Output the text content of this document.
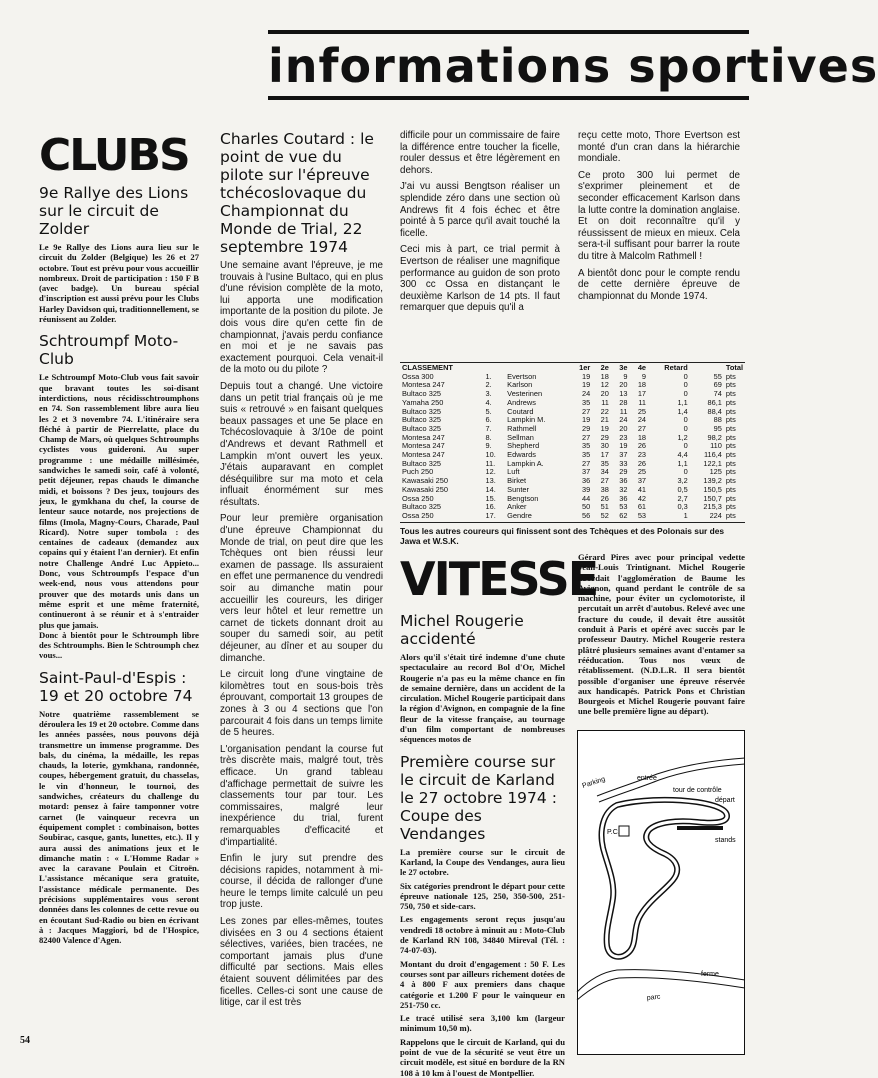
informations sportives
CLUBS
9e Rallye des Lions sur le circuit de Zolder

Le 9e Rallye des Lions aura lieu sur le circuit du Zolder (Belgique) les 26 et 27 octobre. Tout est prévu pour vous accueillir nombreux. Droit de participation : 150 F B (avec badge). Un bureau spécial d'inscription est aussi prévu pour les Clubs Harley Davidson qui, traditionnellement, se réunissent au Zolder.

Schtroumpf Moto-Club

Le Schtroumpf Moto-Club vous fait savoir que bravant toutes les soi-disant interdictions, nous récidisschtroumphons en 74. Son rassemblement libre aura lieu les 2 et 3 novembre 74. L'itinéraire sera fléché à partir de Pierrelatte, place du Champ de Mars, où quelques Schtroumphs cyclistes vous guideroni. Au super programme : une médaille millésimée, sandwiches le samedi soir, café à volonté, petit déjeuner, repas chauds le dimanche midi, et boissons ? Des jeux, toujours des jeux, le gymkhana du chef, la course de lenteur sauce notarde, nos projections de films (Imola, Magny-Cours, Charade, Paul Ricard). Notre super tombola : des centaines de cadeaux (demandez aux copains qui y étaient l'an dernier). Et enfin notre Challenge André Luc Appieto... Donc, vous Schtroumpfs l'espace d'un week-end, nous vous attendons pour prouver que des motards unis dans un même esprit et une même fraternité, continueront à se réunir et à s'entraider plus que jamais.

Donc à bientôt pour le Schtroumph libre des Schtroumphs. Bien le Schtroumph chez vous...

Saint-Paul-d'Espis : 19 et 20 octobre 74

Notre quatrième rassemblement se déroulera les 19 et 20 octobre. Comme dans les années passées, nous pouvons déjà transmettre un immense programme. Des bals, du cinéma, la médaille, les repas chauds, la loterie, gymkhana, randonnée, coupes, hébergement gratuit, du chasselas, le vin d'honneur, le tournoi, des sandwiches, créateurs du challenge du motard: pensez à faire tamponner votre carnet (le vainqueur recevra un équipement complet : combinaison, bottes Soubirac, casque, gants, lunettes, etc.). Il y aura aussi des animations jeux et le dimanche matin : « L'Homme Radar » avec la caravane Poulain et Citroën. L'assistance mécanique sera gratuite, l'assistance médicale permanente. Des précisions supplémentaires vous seront données dans les colonnes de cette revue ou en écoutant Sud-Radio ou bien en écrivant à : Jacques Maggiori, bd de l'Hospice, 82400 Valence d'Agen.

Charles Coutard : le point de vue du pilote sur l'épreuve tchécoslovaque du Championnat du Monde de Trial, 22 septembre 1974

Une semaine avant l'épreuve, je me trouvais à l'usine Bultaco, qui en plus d'une révision complète de la moto, lui apporta une modification importante de la position du pilote. Je dois vous dire qu'en cette fin de championnat, j'avais perdu confiance en moi et je ne savais pas exactement pourquoi. Cela venait-il de la moto ou du pilote ?

Depuis tout a changé. Une victoire dans un petit trial français où je me suis « retrouvé » en faisant quelques beaux passages et une 5e place en Tchécoslovaquie à 3/10e de point d'Andrews et devant Rathmell et Lampkin m'ont ouvert les yeux. J'étais auparavant en complet déséquilibre sur ma moto et cela influait énormément sur mes résultats.

Pour leur première organisation d'une épreuve Championnat du Monde de trial, on peut dire que les Tchèques ont bien réussi leur examen de passage. Ils assuraient en effet une permanence du vendredi soir au dimanche matin pour accueillir les coureurs, les diriger vers leur hôtel et leur remettre un carnet de tickets donnant droit au souper du samedi soir, au petit déjeuner, au dîner et au souper du dimanche.

Le circuit long d'une vingtaine de kilomètres tout en sous-bois très éprouvant, comportait 13 groupes de zones à 3 ou 4 sections que l'on parcourait 4 fois dans un temps limite de 5 heures.

L'organisation pendant la course fut très discrète mais, malgré tout, très efficace. Un grand tableau d'affichage permettait de suivre les classements tour par tour. Les commissaires, malgré leur inexpérience du trial, furent remarquables d'efficacité et d'impartialité.

Enfin le jury sut prendre des décisions rapides, notamment à mi-course, il décida de rallonger d'une heure le temps limite calculé un peu trop juste.

Les zones par elles-mêmes, toutes divisées en 3 ou 4 sections étaient sélectives, variées, bien tracées, ne comportant jamais plus d'une difficulté par sections. Mais elles étaient souvent délimitées par des ficelles. Celles-ci sont une cause de litige, car il est très

difficile pour un commissaire de faire la différence entre toucher la ficelle, rouler dessus et être légèrement en dehors.

J'ai vu aussi Bengtson réaliser un splendide zéro dans une section où Andrews fit 4 fois échec et être pointé à 5 parce qu'il avait touché la ficelle.

Ceci mis à part, ce trial permit à Evertson de réaliser une magnifique performance au guidon de son proto 300 cc Ossa en distançant le deuxième Karlson de 14 pts. Il faut remarquer que depuis qu'il a

reçu cette moto, Thore Evertson est monté d'un cran dans la hiérarchie mondiale.

Ce proto 300 lui permet de s'exprimer pleinement et de seconder efficacement Karlson dans la lutte contre la domination anglaise. Et on doit reconnaître qu'il y réussissent de mieux en mieux. Cela sera-t-il suffisant pour barrer la route du titre à Malcolm Rathmell !

A bientôt donc pour le compte rendu de cette dernière épreuve de championnat du Monde 1974.

CLASSEMENT			1er	2e	3e	4e	Retard	Total	
Ossa 300	1.	Evertson	19	18	9	9	0	55	pts
Montesa 247	2.	Karlson	19	12	20	18	0	69	pts
Bultaco 325	3.	Vesterinen	24	20	13	17	0	74	pts
Yamaha 250	4.	Andrews	35	11	28	11	1,1	86,1	pts
Bultaco 325	5.	Coutard	27	22	11	25	1,4	88,4	pts
Bultaco 325	6.	Lampkin M.	19	21	24	24	0	88	pts
Bultaco 325	7.	Rathmell	29	19	20	27	0	95	pts
Montesa 247	8.	Sellman	27	29	23	18	1,2	98,2	pts
Montesa 247	9.	Shepherd	35	30	19	26	0	110	pts
Montesa 247	10.	Edwards	35	17	37	23	4,4	116,4	pts
Bultaco 325	11.	Lampkin A.	27	35	33	26	1,1	122,1	pts
Puch 250	12.	Luft	37	34	29	25	0	125	pts
Kawasaki 250	13.	Birket	36	27	36	37	3,2	139,2	pts
Kawasaki 250	14.	Sunter	39	38	32	41	0,5	150,5	pts
Ossa 250	15.	Bengtson	44	26	36	42	2,7	150,7	pts
Bultaco 325	16.	Anker	50	51	53	61	0,3	215,3	pts
Ossa 250	17.	Gendre	56	52	62	53	1	224	pts
Tous les autres coureurs qui finissent sont des Tchèques et des Polonais sur des Jawa et W.S.K.
VITESSE
Michel Rougerie accidenté

Alors qu'il s'était tiré indemne d'une chute spectaculaire au record Bol d'Or, Michel Rougerie n'a pas eu la même chance en fin de semaine dernière, dans un accident de la circulation. Michel Rougerie participait dans la région d'Avignon, en compagnie de la fine fleur de la vitesse française, au tournage d'un film comportant de nombreuses séquences motos de

Première course sur le circuit de Karland le 27 octobre 1974 : Coupe des Vendanges

La première course sur le circuit de Karland, la Coupe des Vendanges, aura lieu le 27 octobre.

Six catégories prendront le départ pour cette épreuve nationale 125, 250, 350-500, 251-750, 750 et side-cars.

Les engagements seront reçus jusqu'au vendredi 18 octobre à minuit au : Moto-Club de Karland RN 108, 34840 Mireval (Tél. : 74-07-03).

Montant du droit d'engagement : 50 F. Les courses sont par ailleurs richement dotées de 4 à 800 F aux premiers dans chaque catégorie et 1.200 F pour le vainqueur en 251-750 cc.

Le tracé utilisé sera 3,100 km (largeur minimum 10,50 m).

Rappelons que le circuit de Karland, qui du point de vue de la sécurité se veut être un circuit modèle, est situé en bordure de la RN 108 à 10 km à l'ouest de Montpellier.

Gérard Pires avec pour principal vedette Jean-Louis Trintignant. Michel Rougerie abordait l'agglomération de Baume les Avignon, quand perdant le contrôle de sa machine, pour éviter un cyclomotoriste, il percutait un arrêt d'autobus. Relevé avec une fracture du coude, il devait être aussitôt conduit à Paris et opéré avec succès par le professeur Dautry. Michel Rougerie restera plâtré plusieurs semaines avant d'entamer sa rééducation. Tous nos vœux de rétablissement. (N.D.L.R. Il sera bientôt possible d'organiser une épreuve réservée aux handicapés. Patrick Pons et Christian Bourgeois et Michel Rougerie pouvant faire une belle première ligne au départ).

Parking	entrée
tour de contrôle
départ
P.C.
stands
parc
ferme
54
